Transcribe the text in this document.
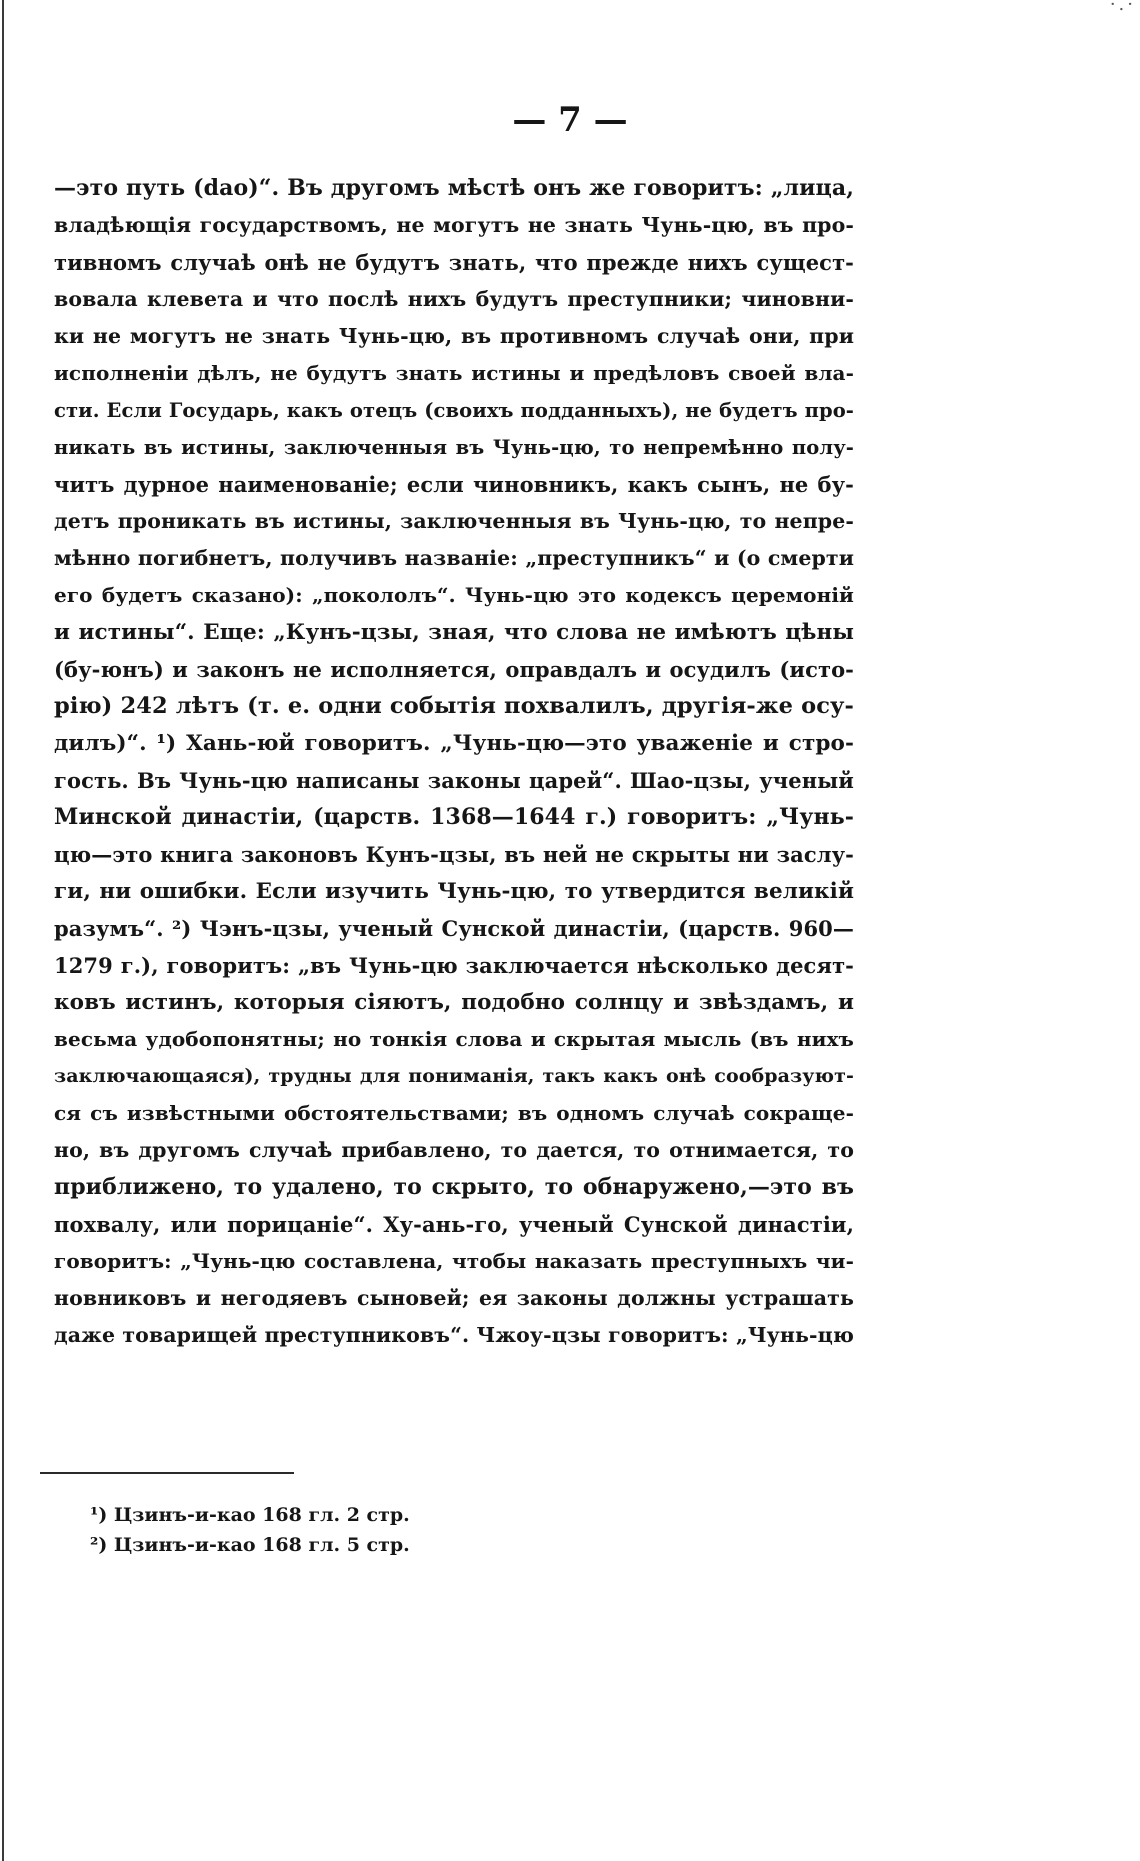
·.·
— 7 —
—это путь (dao)“. Въ другомъ мѣстѣ онъ же говоритъ: „лица,
владѣющія государствомъ, не могутъ не знать Чунь-цю, въ про-
тивномъ случаѣ онѣ не будутъ знать, что прежде нихъ сущест-
вовала клевета и что послѣ нихъ будутъ преступники; чиновни-
ки не могутъ не знать Чунь-цю, въ противномъ случаѣ они, при
исполненіи дѣлъ, не будутъ знать истины и предѣловъ своей вла-
сти. Если Государь, какъ отецъ (своихъ подданныхъ), не будетъ про-
никать въ истины, заключенныя въ Чунь-цю, то непремѣнно полу-
читъ дурное наименованіе; если чиновникъ, какъ сынъ, не бу-
детъ проникать въ истины, заключенныя въ Чунь-цю, то непре-
мѣнно погибнетъ, получивъ названіе: „преступникъ“ и (о смерти
его будетъ сказано): „покололъ“. Чунь-цю это кодексъ церемоній
и истины“. Еще: „Кунъ-цзы, зная, что слова не имѣютъ цѣны
(бу-юнъ) и законъ не исполняется, оправдалъ и осудилъ (исто-
рію) 242 лѣтъ (т. е. одни событія похвалилъ, другія-же осу-
дилъ)“. ¹) Хань-юй говоритъ. „Чунь-цю—это уваженіе и стро-
гость. Въ Чунь-цю написаны законы царей“. Шао-цзы, ученый
Минской династіи, (царств. 1368—1644 г.) говоритъ: „Чунь-
цю—это книга законовъ Кунъ-цзы, въ ней не скрыты ни заслу-
ги, ни ошибки. Если изучить Чунь-цю, то утвердится великій
разумъ“. ²) Чэнъ-цзы, ученый Сунской династіи, (царств. 960—
1279 г.), говоритъ: „въ Чунь-цю заключается нѣсколько десят-
ковъ истинъ, которыя сіяютъ, подобно солнцу и звѣздамъ, и
весьма удобопонятны; но тонкія слова и скрытая мысль (въ нихъ
заключающаяся), трудны для пониманія, такъ какъ онѣ сообразуют-
ся съ извѣстными обстоятельствами; въ одномъ случаѣ сокраще-
но, въ другомъ случаѣ прибавлено, то дается, то отнимается, то
приближено, то удалено, то скрыто, то обнаружено,—это въ
похвалу, или порицаніе“. Ху-ань-го, ученый Сунской династіи,
говоритъ: „Чунь-цю составлена, чтобы наказать преступныхъ чи-
новниковъ и негодяевъ сыновей; ея законы должны устрашать
даже товарищей преступниковъ“. Чжоу-цзы говоритъ: „Чунь-цю
¹) Цзинъ-и-као 168 гл. 2 стр.
²) Цзинъ-и-као 168 гл. 5 стр.
